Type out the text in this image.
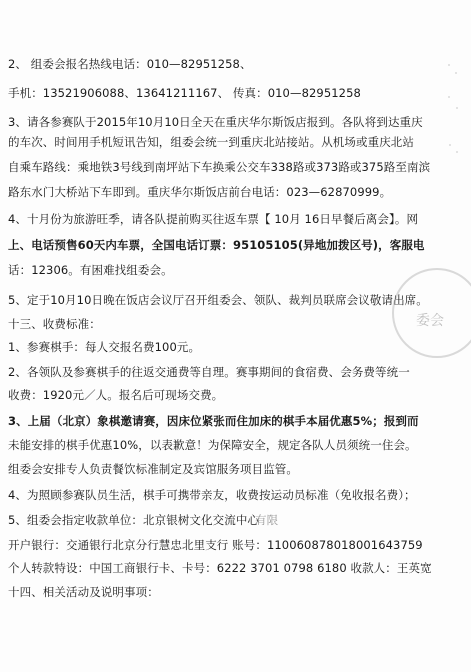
2、 组委会报名热线电话：010—82951258、
手机：13521906088、13641211167、 传真：010—82951258
3、请各参赛队于2015年10月10日全天在重庆华尔斯饭店报到。各队将到达重庆
的车次、时间用手机短讯告知，组委会统一到重庆北站接站。从机场或重庆北站
自乘车路线：乘地铁3号线到南坪站下车换乘公交车338路或373路或375路至南滨
路东水门大桥站下车即到。重庆华尔斯饭店前台电话：023—62870999。
4、十月份为旅游旺季，请各队提前购买往返车票【 10月 16日早餐后离会】。网
上、电话预售60天内车票，全国电话订票：95105105(异地加拨区号)，客服电
话：12306。有困难找组委会。
5、定于10月10日晚在饭店会议厅召开组委会、领队、裁判员联席会议敬请出席。
十三、收费标准：
1、参赛棋手：每人交报名费100元。
2、各领队及参赛棋手的往返交通费等自理。赛事期间的食宿费、会务费等统一
收费：1920元／人。报名后可现场交费。
3、上届（北京）象棋邀请赛，因床位紧张而住加床的棋手本届优惠5%；报到而
未能安排的棋手优惠10%，以表歉意！为保障安全，规定各队人员须统一住会。
组委会安排专人负责餐饮标准制定及宾馆服务项目监管。
4、为照顾参赛队员生活，棋手可携带亲友，收费按运动员标准（免收报名费）；
5、组委会指定收款单位：北京银树文化交流中心
开户银行：交通银行北京分行慧忠北里支行 账号：110060878018001643759
个人转款特设：中国工商银行卡、卡号：6222 3701 0798 6180 收款人：王英宽
十四、相关活动及说明事项：
有限
委会
